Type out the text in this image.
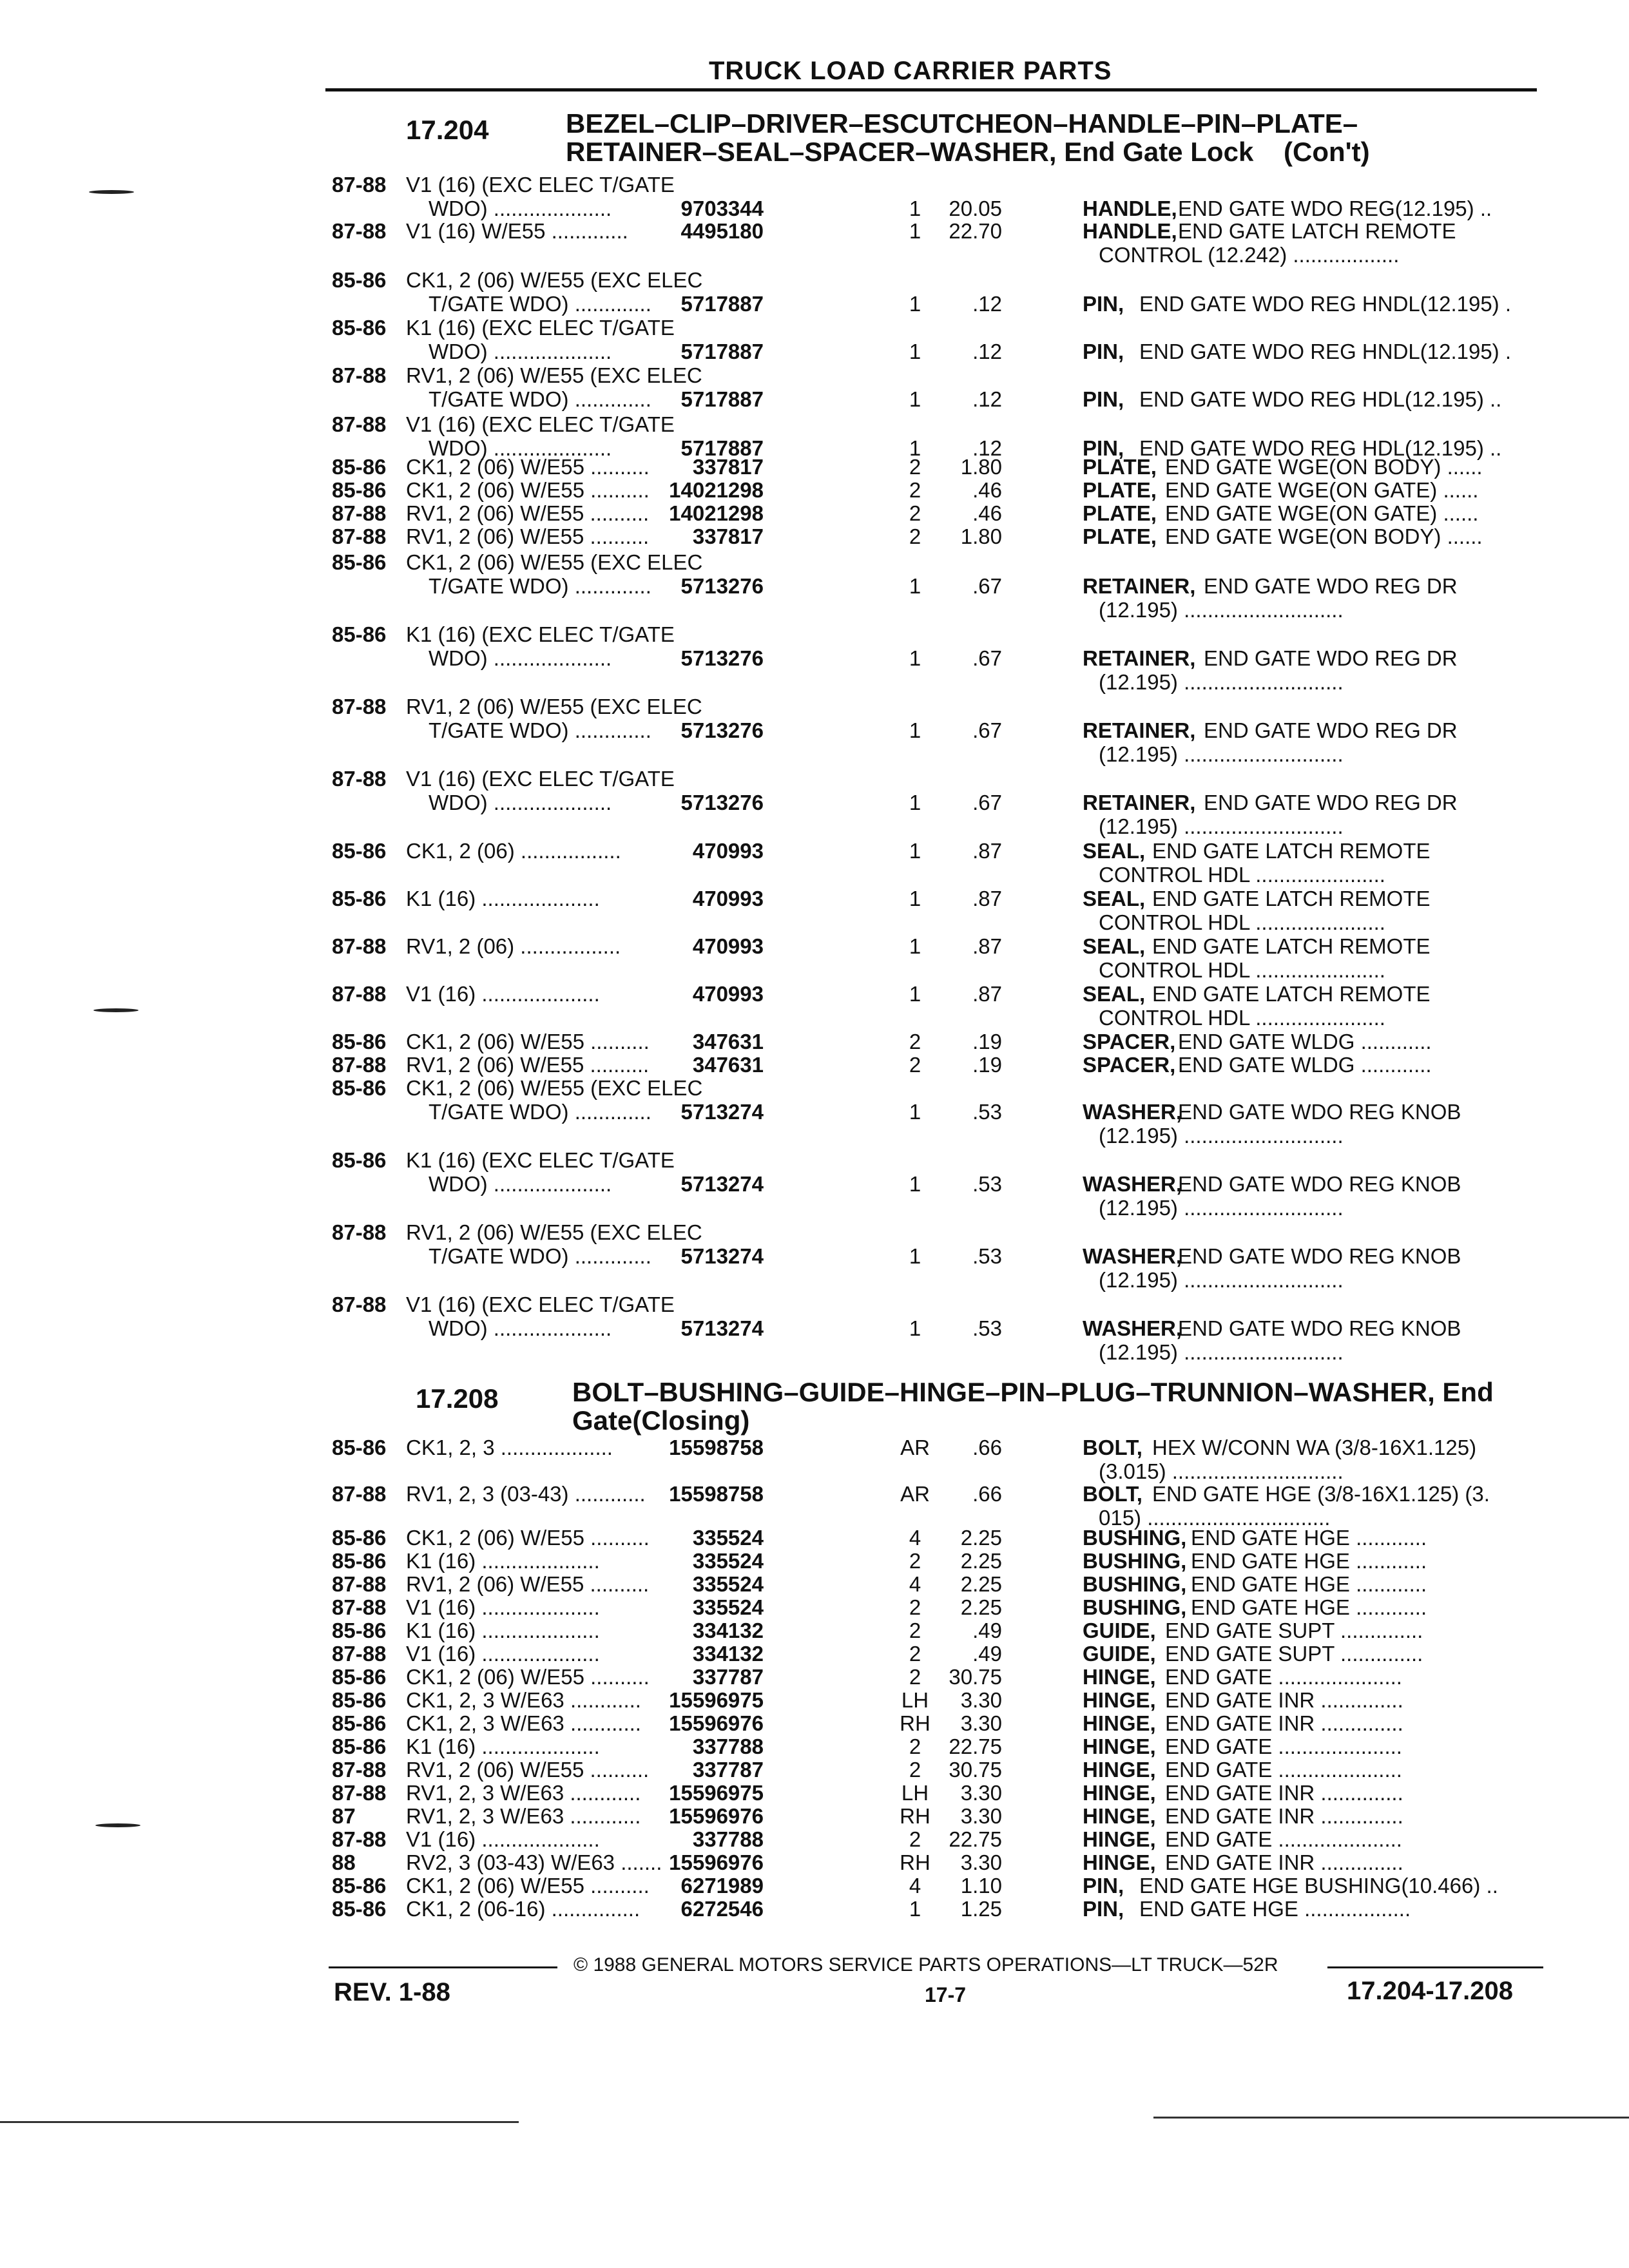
TRUCK LOAD CARRIER PARTS
17.204	BEZEL–CLIP–DRIVER–ESCUTCHEON–HANDLE–PIN–PLATE–
RETAINER–SEAL–SPACER–WASHER, End Gate Lock (Con't)
87-88 V1 (16) (EXC ELEC T/GATE
WDO) ....................	9703344	1	20.05	HANDLE, END GATE WDO REG(12.195) ..
87-88 V1 (16) W/E55 .............	4495180	1	22.70	HANDLE, END GATE LATCH REMOTE
CONTROL (12.242) ..................
85-86 CK1, 2 (06) W/E55 (EXC ELEC
T/GATE WDO) .............	5717887	1	.12	PIN, END GATE WDO REG HNDL(12.195) .
85-86 K1 (16) (EXC ELEC T/GATE
WDO) ....................	5717887	1	.12	PIN, END GATE WDO REG HNDL(12.195) .
87-88 RV1, 2 (06) W/E55 (EXC ELEC
T/GATE WDO) .............	5717887	1	.12	PIN, END GATE WDO REG HDL(12.195) ..
87-88 V1 (16) (EXC ELEC T/GATE
WDO) ....................	5717887	1	.12	PIN, END GATE WDO REG HDL(12.195) ..
85-86 CK1, 2 (06) W/E55 ..........	337817	2	1.80	PLATE, END GATE WGE(ON BODY) ......
85-86 CK1, 2 (06) W/E55 .......... 14021298	2	.46	PLATE, END GATE WGE(ON GATE) ......
87-88 RV1, 2 (06) W/E55 .......... 14021298	2	.46	PLATE, END GATE WGE(ON GATE) ......
87-88 RV1, 2 (06) W/E55 ..........	337817	2	1.80	PLATE, END GATE WGE(ON BODY) ......
85-86 CK1, 2 (06) W/E55 (EXC ELEC
T/GATE WDO) .............	5713276	1	.67	RETAINER, END GATE WDO REG DR
(12.195) ...........................
85-86 K1 (16) (EXC ELEC T/GATE
WDO) ....................	5713276	1	.67	RETAINER, END GATE WDO REG DR
(12.195) ...........................
87-88 RV1, 2 (06) W/E55 (EXC ELEC
T/GATE WDO) .............	5713276	1	.67	RETAINER, END GATE WDO REG DR
(12.195) ...........................
87-88 V1 (16) (EXC ELEC T/GATE
WDO) ....................	5713276	1	.67	RETAINER, END GATE WDO REG DR
(12.195) ...........................
85-86 CK1, 2 (06) .................	470993	1	.87	SEAL, END GATE LATCH REMOTE
CONTROL HDL ......................
85-86 K1 (16) ....................	470993	1	.87	SEAL, END GATE LATCH REMOTE
CONTROL HDL ......................
87-88 RV1, 2 (06) .................	470993	1	.87	SEAL, END GATE LATCH REMOTE
CONTROL HDL ......................
87-88 V1 (16) ....................	470993	1	.87	SEAL, END GATE LATCH REMOTE
CONTROL HDL ......................
85-86 CK1, 2 (06) W/E55 ..........	347631	2	.19	SPACER, END GATE WLDG ............
87-88 RV1, 2 (06) W/E55 ..........	347631	2	.19	SPACER, END GATE WLDG ............
85-86 CK1, 2 (06) W/E55 (EXC ELEC
T/GATE WDO) .............	5713274	1	.53	WASHER,
END GATE WDO REG KNOB
(12.195) ...........................
85-86 K1 (16) (EXC ELEC T/GATE
WDO) ....................	5713274	1	.53	WASHER,
END GATE WDO REG KNOB
(12.195) ...........................
87-88 RV1, 2 (06) W/E55 (EXC ELEC
T/GATE WDO) .............	5713274	1	.53	WASHER,
END GATE WDO REG KNOB
(12.195) ...........................
87-88 V1 (16) (EXC ELEC T/GATE
WDO) ....................	5713274	1	.53	WASHER,
END GATE WDO REG KNOB
(12.195) ...........................
17.208	BOLT–BUSHING–GUIDE–HINGE–PIN–PLUG–TRUNNION–WASHER, End
Gate(Closing)
85-86 CK1, 2, 3 ...................	15598758	AR	.66	BOLT, HEX W/CONN WA (3/8-16X1.125)
(3.015) .............................
87-88 RV1, 2, 3 (03-43) ............	15598758	AR	.66	BOLT, END GATE HGE (3/8-16X1.125) (3.
015) ...............................
85-86 CK1, 2 (06) W/E55 ..........	335524	4	2.25	BUSHING, END GATE HGE ............
85-86 K1 (16) ....................	335524	2	2.25	BUSHING, END GATE HGE ............
87-88 RV1, 2 (06) W/E55 ..........	335524	4	2.25	BUSHING, END GATE HGE ............
87-88 V1 (16) ....................	335524	2	2.25	BUSHING, END GATE HGE ............
85-86 K1 (16) ....................	334132	2	.49	GUIDE, END GATE SUPT ..............
87-88 V1 (16) ....................	334132	2	.49	GUIDE, END GATE SUPT ..............
85-86 CK1, 2 (06) W/E55 ..........	337787	2	30.75	HINGE, END GATE .....................
85-86 CK1, 2, 3 W/E63 ............	15596975	LH	3.30	HINGE, END GATE INR ..............
85-86 CK1, 2, 3 W/E63 ............	15596976	RH	3.30	HINGE, END GATE INR ..............
85-86 K1 (16) ....................	337788	2	22.75	HINGE, END GATE .....................
87-88 RV1, 2 (06) W/E55 ..........	337787	2	30.75	HINGE, END GATE .....................
87-88 RV1, 2, 3 W/E63 ............	15596975	LH	3.30	HINGE, END GATE INR ..............
87 RV1, 2, 3 W/E63 ............	15596976	RH	3.30	HINGE, END GATE INR ..............
87-88 V1 (16) ....................	337788	2	22.75	HINGE, END GATE .....................
88 RV2, 3 (03-43) W/E63 ....... 15596976	RH	3.30	HINGE, END GATE INR ..............
85-86 CK1, 2 (06) W/E55 ..........	6271989	4	1.10	PIN, END GATE HGE BUSHING(10.466) ..
85-86 CK1, 2 (06-16) ...............	6272546	1	1.25	PIN, END GATE HGE ..................
© 1988 GENERAL MOTORS SERVICE PARTS OPERATIONS—LT TRUCK—52R
REV. 1-88	17-7	17.204-17.208
